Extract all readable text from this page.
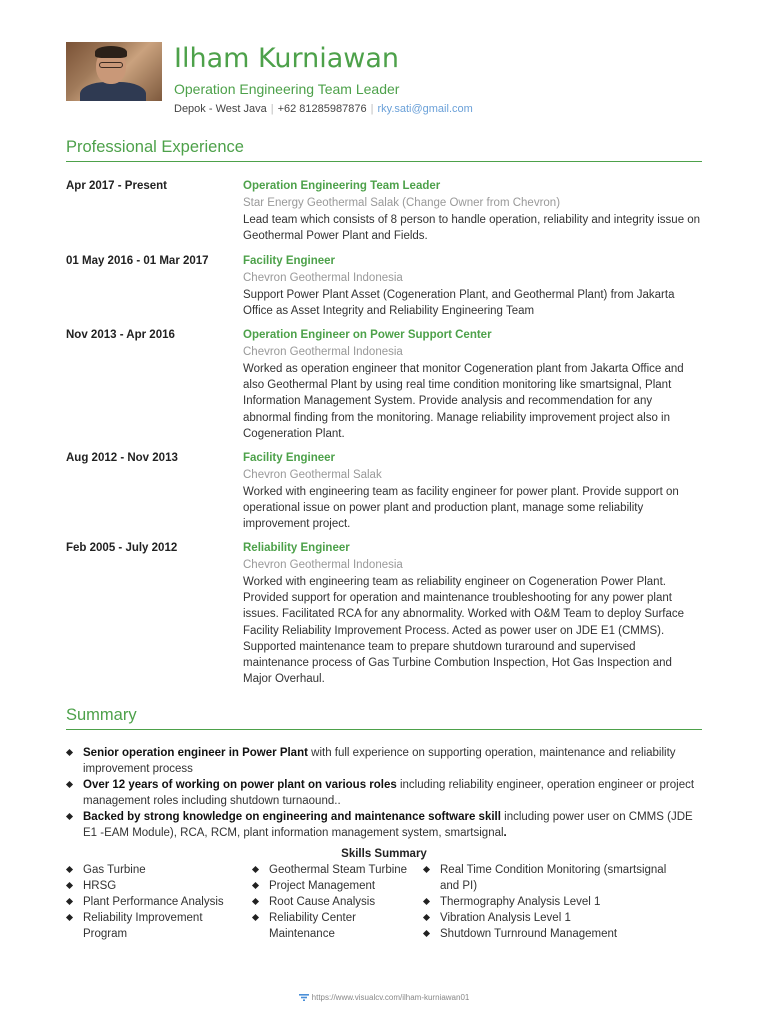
Ilham Kurniawan
Operation Engineering Team Leader
Depok - West Java | +62 81285987876 | rky.sati@gmail.com
Professional Experience
Apr 2017 - Present	Operation Engineering Team Leader
Star Energy Geothermal Salak (Change Owner from Chevron)
Lead team which consists of 8 person to handle operation, reliability and integrity issue on Geothermal Power Plant and Fields.
01 May 2016 - 01 Mar 2017	Facility Engineer
Chevron Geothermal Indonesia
Support Power Plant Asset (Cogeneration Plant, and Geothermal Plant) from Jakarta Office as Asset Integrity and Reliability Engineering Team
Nov 2013 - Apr 2016	Operation Engineer on Power Support Center
Chevron Geothermal Indonesia
Worked as operation engineer that monitor Cogeneration plant from Jakarta Office and also Geothermal Plant by using real time condition monitoring like smartsignal, Plant Information Management System. Provide analysis and recommendation for any abnormal finding from the monitoring. Manage reliability improvement project also in Cogeneration Plant.
Aug 2012 - Nov 2013	Facility Engineer
Chevron Geothermal Salak
Worked with engineering team as facility engineer for power plant. Provide support on operational issue on power plant and production plant, manage some reliability improvement project.
Feb 2005 - July 2012	Reliability Engineer
Chevron Geothermal Indonesia
Worked with engineering team as reliability engineer on Cogeneration Power Plant. Provided support for operation and maintenance troubleshooting for any power plant issues. Facilitated RCA for any abnormality. Worked with O&M Team to deploy Surface Facility Reliability Improvement Process. Acted as power user on JDE E1 (CMMS). Supported maintenance team to prepare shutdown turaround and supervised maintenance process of Gas Turbine Combution Inspection, Hot Gas Inspection and Major Overhaul.
Summary
Senior operation engineer in Power Plant with full experience on supporting operation, maintenance and reliability improvement process
Over 12 years of working on power plant on various roles including reliability engineer, operation engineer or project management roles including shutdown turnaound..
Backed by strong knowledge on engineering and maintenance software skill including power user on CMMS (JDE E1 -EAM Module), RCA, RCM, plant information management system, smartsignal.
Skills Summary
Gas Turbine
HRSG
Plant Performance Analysis
Reliability Improvement Program
Geothermal Steam Turbine
Project Management
Root Cause Analysis
Reliability Center Maintenance
Real Time Condition Monitoring (smartsignal and PI)
Thermography Analysis Level 1
Vibration Analysis Level 1
Shutdown Turnround Management
https://www.visualcv.com/ilham-kurniawan01
